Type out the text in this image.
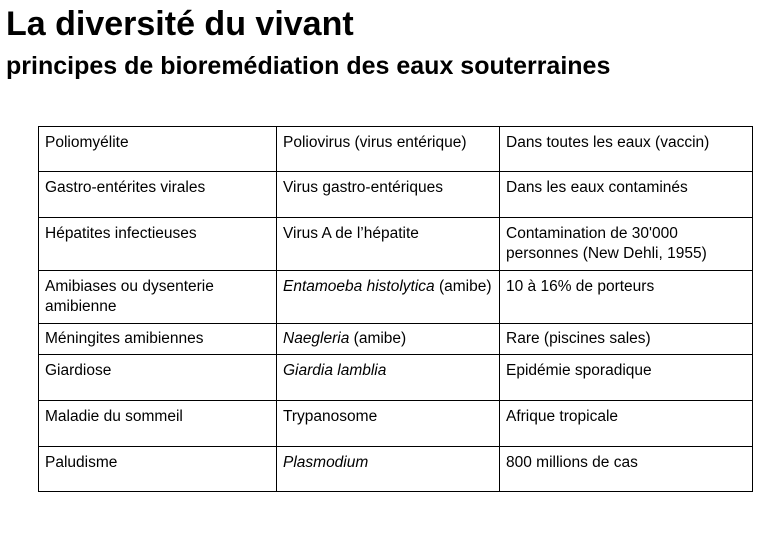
La diversité du vivant
principes de bioremédiation des eaux souterraines
Poliomyélite	Poliovirus (virus entérique)	Dans toutes les eaux (vaccin)
Gastro-entérites virales	Virus gastro-entériques	Dans les eaux contaminés
Hépatites infectieuses	Virus A de l’hépatite	Contamination de 30'000 personnes (New Dehli, 1955)
Amibiases ou dysenterie amibienne	Entamoeba histolytica (amibe)	10 à 16% de porteurs
Méningites amibiennes	Naegleria (amibe)	Rare (piscines sales)
Giardiose	Giardia lamblia	Epidémie sporadique
Maladie du sommeil	Trypanosome	Afrique tropicale
Paludisme	Plasmodium	800 millions de cas
